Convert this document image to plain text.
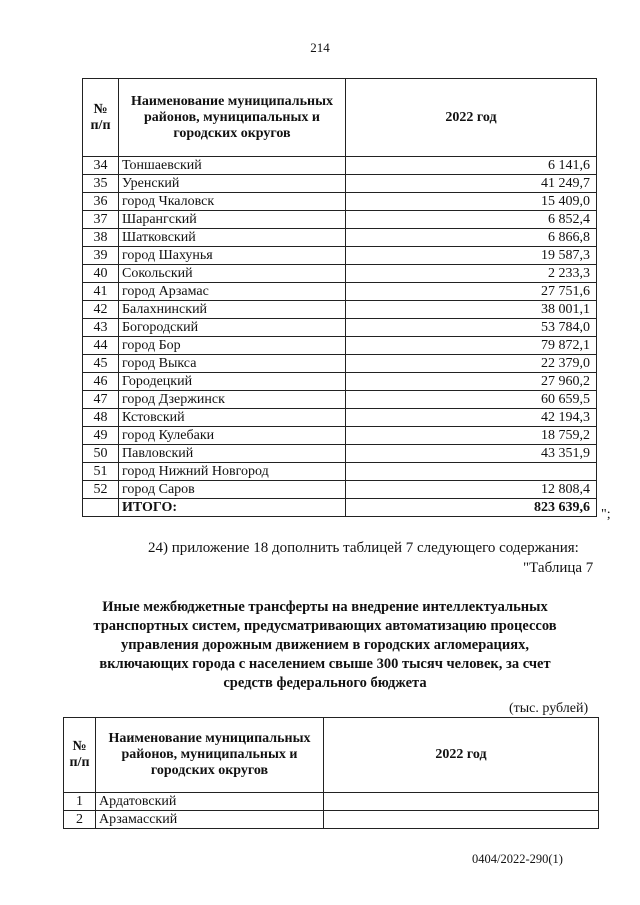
214
№ п/п	Наименование муниципальных районов, муниципальных и городских округов	2022 год
34	Тоншаевский	6 141,6
35	Уренский	41 249,7
36	город Чкаловск	15 409,0
37	Шарангский	6 852,4
38	Шатковский	6 866,8
39	город Шахунья	19 587,3
40	Сокольский	2 233,3
41	город Арзамас	27 751,6
42	Балахнинский	38 001,1
43	Богородский	53 784,0
44	город Бор	79 872,1
45	город Выкса	22 379,0
46	Городецкий	27 960,2
47	город Дзержинск	60 659,5
48	Кстовский	42 194,3
49	город Кулебаки	18 759,2
50	Павловский	43 351,9
51	город Нижний Новгород	
52	город Саров	12 808,4
	ИТОГО:	823 639,6 ";
24) приложение 18 дополнить таблицей 7 следующего содержания:
"Таблица 7
Иные межбюджетные трансферты на внедрение интеллектуальных транспортных систем, предусматривающих автоматизацию процессов управления дорожным движением в городских агломерациях, включающих города с населением свыше 300 тысяч человек, за счет средств федерального бюджета
(тыс. рублей)
№ п/п	Наименование муниципальных районов, муниципальных и городских округов	2022 год
1	Ардатовский	
2	Арзамасский	
0404/2022-290(1)
